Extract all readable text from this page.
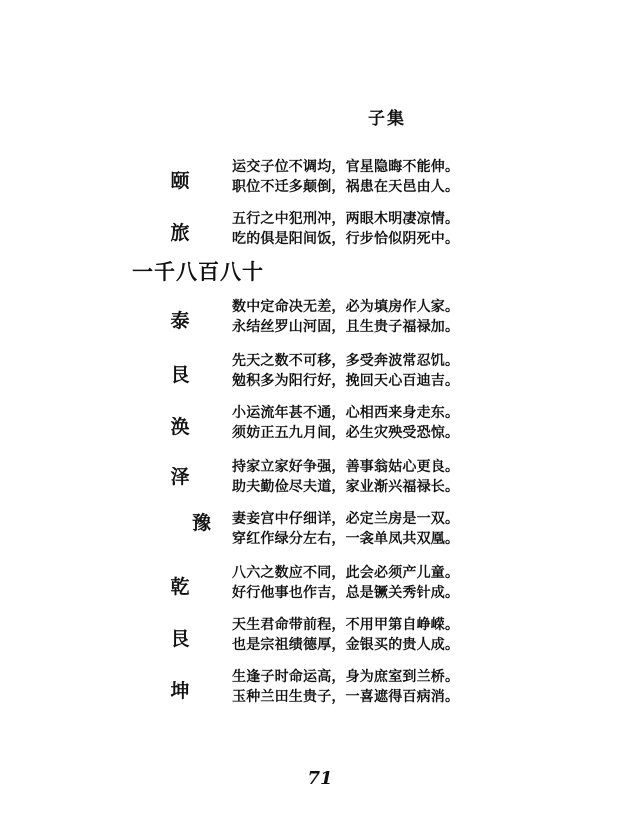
子集
颐
运交子位不调均，官星隐晦不能伸。
职位不迁多颠倒，祸患在天邑由人。
旅
五行之中犯刑冲，两眼木明凄凉情。
吃的俱是阳间饭，行步恰似阴死中。
一千八百八十
泰
数中定命决无差，必为填房作人家。
永结丝罗山河固，且生贵子福禄加。
艮
先天之数不可移，多受奔波常忍饥。
勉积多为阳行好，挽回天心百迪吉。
涣
小运流年甚不通，心相西来身走东。
须妨正五九月间，必生灾殃受恐惊。
泽	持家立家好争强，善事翁姑心更良。
助夫勤俭尽夫道，家业渐兴福禄长。
豫 妻妾宫中仔细详，必定兰房是一双。
穿红作绿分左右，一衾单凤共双凰。
乾
八六之数应不同，此会必须产儿童。
好行他事也作吉，总是镢关秀针成。
艮
天生君命带前程，不用甲第自峥嵘。
也是宗祖绩德厚，金银买的贵人成。
坤
生逢子时命运高，身为庶室到兰桥。
玉种兰田生贵子，一喜遮得百病消。
71
